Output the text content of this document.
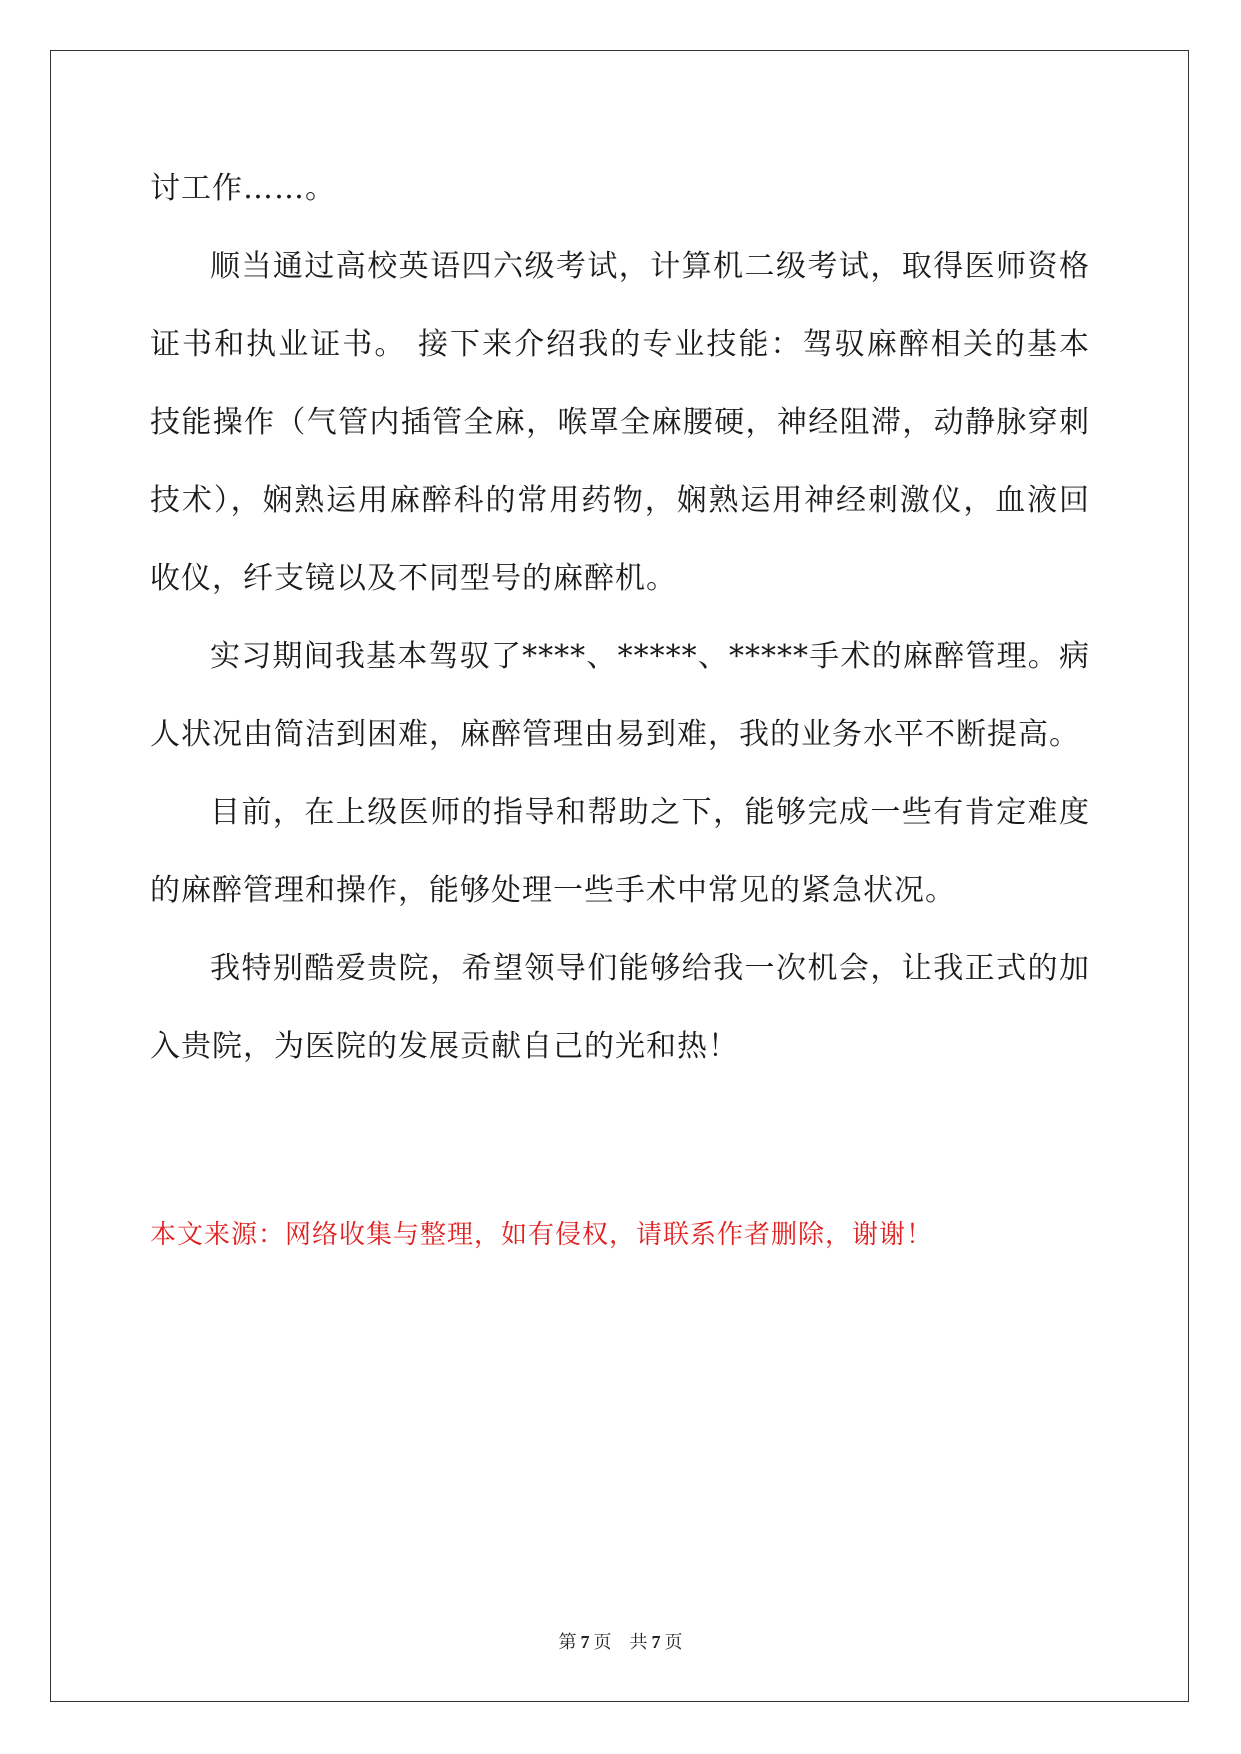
讨工作……。

顺当通过高校英语四六级考试，计算机二级考试，取得医师资格证书和执业证书。 接下来介绍我的专业技能：驾驭麻醉相关的基本技能操作（气管内插管全麻，喉罩全麻腰硬，神经阻滞，动静脉穿刺技术），娴熟运用麻醉科的常用药物，娴熟运用神经刺激仪，血液回收仪，纤支镜以及不同型号的麻醉机。

实习期间我基本驾驭了****、*****、*****手术的麻醉管理。病人状况由简洁到困难，麻醉管理由易到难，我的业务水平不断提高。

目前，在上级医师的指导和帮助之下，能够完成一些有肯定难度的麻醉管理和操作，能够处理一些手术中常见的紧急状况。

我特别酷爱贵院，希望领导们能够给我一次机会，让我正式的加入贵院，为医院的发展贡献自己的光和热！

本文来源：网络收集与整理，如有侵权，请联系作者删除，谢谢！
第 7 页 共 7 页
